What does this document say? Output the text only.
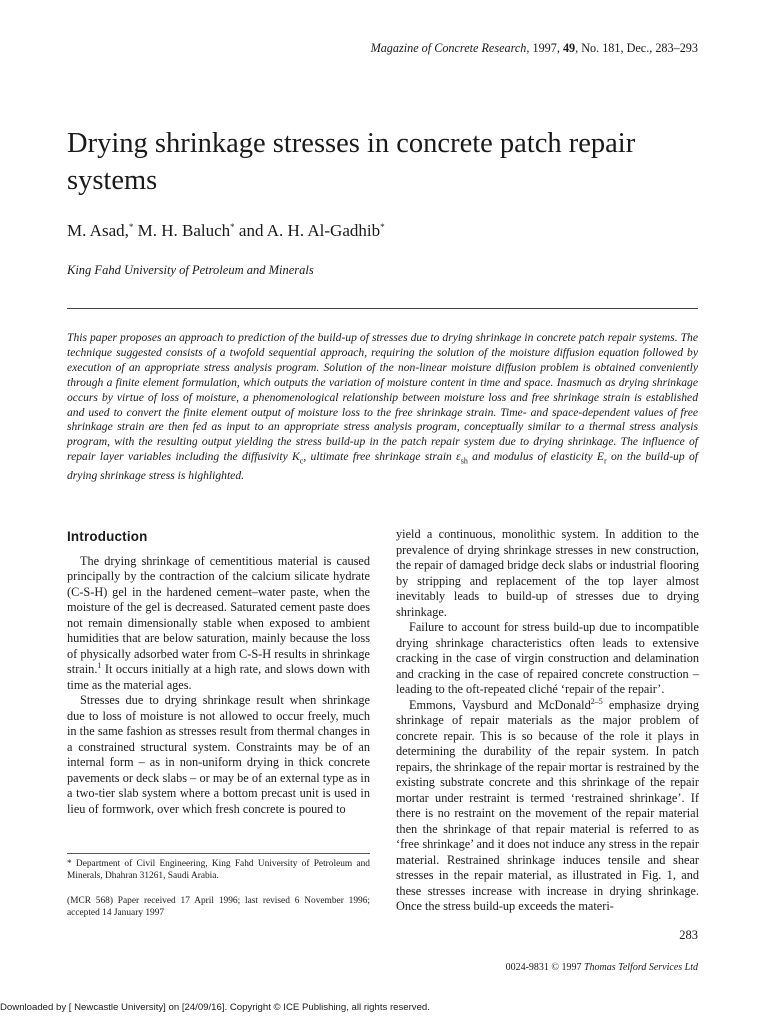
Magazine of Concrete Research, 1997, 49, No. 181, Dec., 283–293
Drying shrinkage stresses in concrete patch repair systems
M. Asad,* M. H. Baluch* and A. H. Al-Gadhib*
King Fahd University of Petroleum and Minerals

This paper proposes an approach to prediction of the build-up of stresses due to drying shrinkage in concrete patch repair systems. The technique suggested consists of a twofold sequential approach, requiring the solution of the moisture diffusion equation followed by execution of an appropriate stress analysis program. Solution of the non-linear moisture diffusion problem is obtained conveniently through a finite element formulation, which outputs the variation of moisture content in time and space. Inasmuch as drying shrinkage occurs by virtue of loss of moisture, a phenomenological relationship between moisture loss and free shrinkage strain is established and used to convert the finite element output of moisture loss to the free shrinkage strain. Time- and space-dependent values of free shrinkage strain are then fed as input to an appropriate stress analysis program, conceptually similar to a thermal stress analysis program, with the resulting output yielding the stress build-up in the patch repair system due to drying shrinkage. The influence of repair layer variables including the diffusivity $K_c$, ultimate free shrinkage strain $\varepsilon_{sh}$ and modulus of elasticity $E_r$ on the build-up of drying shrinkage stress is highlighted.

Introduction

The drying shrinkage of cementitious material is caused principally by the contraction of the calcium silicate hydrate (C-S-H) gel in the hardened cement–water paste, when the moisture of the gel is decreased. Saturated cement paste does not remain dimensionally stable when exposed to ambient humidities that are below saturation, mainly because the loss of physically adsorbed water from C-S-H results in shrinkage strain.$^1$ It occurs initially at a high rate, and slows down with time as the material ages.

Stresses due to drying shrinkage result when shrinkage due to loss of moisture is not allowed to occur freely, much in the same fashion as stresses result from thermal changes in a constrained structural system. Constraints may be of an internal form – as in non-uniform drying in thick concrete pavements or deck slabs – or may be of an external type as in a two-tier slab system where a bottom precast unit is used in lieu of formwork, over which fresh concrete is poured to

* Department of Civil Engineering, King Fahd University of Petroleum and Minerals, Dhahran 31261, Saudi Arabia.
(MCR 568) Paper received 17 April 1996; last revised 6 November 1996; accepted 14 January 1997

yield a continuous, monolithic system. In addition to the prevalence of drying shrinkage stresses in new construction, the repair of damaged bridge deck slabs or industrial flooring by stripping and replacement of the top layer almost inevitably leads to build-up of stresses due to drying shrinkage.

Failure to account for stress build-up due to incompatible drying shrinkage characteristics often leads to extensive cracking in the case of virgin construction and delamination and cracking in the case of repaired concrete construction – leading to the oft-repeated cliché ‘repair of the repair’.

Emmons, Vaysburd and McDonald$^{2-5}$ emphasize drying shrinkage of repair materials as the major problem of concrete repair. This is so because of the role it plays in determining the durability of the repair system. In patch repairs, the shrinkage of the repair mortar is restrained by the existing substrate concrete and this shrinkage of the repair mortar under restraint is termed ‘restrained shrinkage’. If there is no restraint on the movement of the repair material then the shrinkage of that repair material is referred to as ‘free shrinkage’ and it does not induce any stress in the repair material. Restrained shrinkage induces tensile and shear stresses in the repair material, as illustrated in Fig. 1, and these stresses increase with increase in drying shrinkage. Once the stress build-up exceeds the materi-

283
0024-9831 © 1997 Thomas Telford Services Ltd
Downloaded by [ Newcastle University] on [24/09/16]. Copyright © ICE Publishing, all rights reserved.
